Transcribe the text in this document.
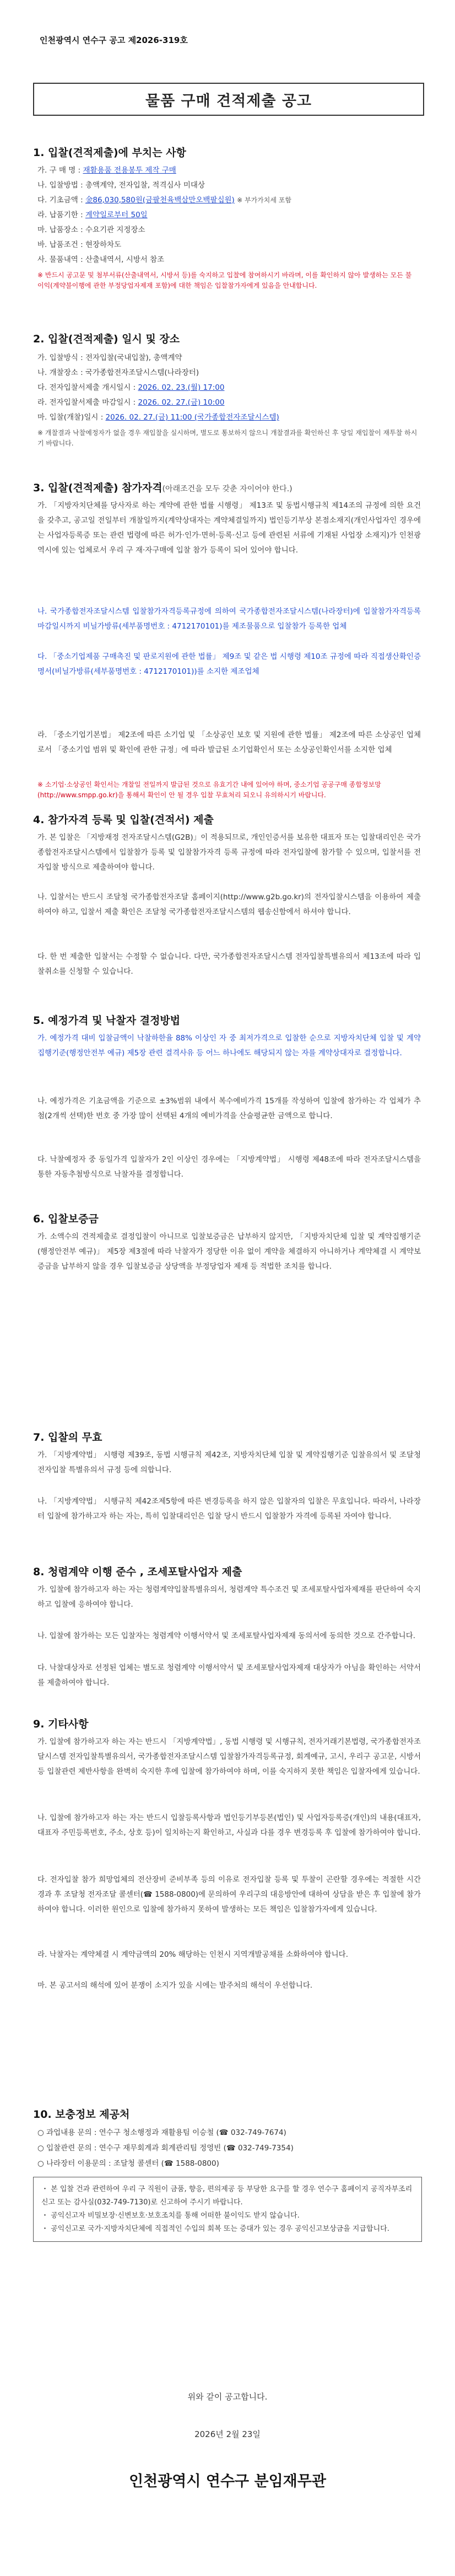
인천광역시 연수구 공고 제2026-319호
물품 구매 견적제출 공고
1. 입찰(견적제출)에 부치는 사항
가. 구 매 명 : 재활용품 전용봉투 제작 구매
나. 입찰방법 : 총액계약, 전자입찰, 적격심사 미대상
다. 기초금액 : 金86,030,580원(금팔천육백삼만오백팔십원) ※ 부가가치세 포함
라. 납품기한 : 계약일로부터 50일
마. 납품장소 : 수요기관 지정장소
바. 납품조건 : 현장하차도
사. 물품내역 : 산출내역서, 시방서 참조
※ 반드시 공고문 및 첨부서류(산출내역서, 시방서 등)를 숙지하고 입찰에 참여하시기 바라며, 이를 확인하지 않아 발생하는 모든 불이익(계약불이행에 관한 부정당업자제재 포함)에 대한 책임은 입찰참가자에게 있음을 안내합니다.
2. 입찰(견적제출) 일시 및 장소
가. 입찰방식 : 전자입찰(국내입찰), 총액계약
나. 개찰장소 : 국가종합전자조달시스템(나라장터)
다. 전자입찰서제출 개시일시 : 2026. 02. 23.(월) 17:00
라. 전자입찰서제출 마감일시 : 2026. 02. 27.(금) 10:00
마. 입찰(개찰)일시 : 2026. 02. 27.(금) 11:00 (국가종합전자조달시스템)
※ 개찰결과 낙찰예정자가 없을 경우 재입찰을 실시하며, 별도로 통보하지 않으니 개찰결과를 확인하신 후 당일 재입찰이 재투찰 하시기 바랍니다.
3. 입찰(견적제출) 참가자격(아래조건을 모두 갖춘 자이어야 한다.)
가. 「지방자치단체를 당사자로 하는 계약에 관한 법률 시행령」 제13조 및 동법시행규칙 제14조의 규정에 의한 요건을 갖추고, 공고일 전일부터 개찰일까지(계약상대자는 계약체결일까지) 법인등기부상 본점소재지(개인사업자인 경우에는 사업자등록증 또는 관련 법령에 따른 허가·인가·면허·등록·신고 등에 관련된 서류에 기재된 사업장 소재지)가 인천광역시에 있는 업체로서 우리 구 재·자구매에 입찰 참가 등록이 되어 있어야 합니다.
나. 국가종합전자조달시스템 입찰참가자격등록규정에 의하여 국가종합전자조달시스템(나라장터)에 입찰참가자격등록 마감일시까지 비닐가방류(세부품명번호 : 4712170101)를 제조물품으로 입찰참가 등록한 업체
다. 「중소기업제품 구매촉진 및 판로지원에 관한 법률」 제9조 및 같은 법 시행령 제10조 규정에 따라 직접생산확인증명서(비닐가방류(세부품명번호 : 4712170101))를 소지한 제조업체
라. 「중소기업기본법」 제2조에 따른 소기업 및 「소상공인 보호 및 지원에 관한 법률」 제2조에 따른 소상공인 업체로서 「중소기업 범위 및 확인에 관한 규정」에 따라 발급된 소기업확인서 또는 소상공인확인서를 소지한 업체
※ 소기업·소상공인 확인서는 개찰일 전일까지 발급된 것으로 유효기간 내에 있어야 하며, 중소기업 공공구매 종합정보망(http://www.smpp.go.kr)을 통해서 확인이 안 될 경우 입찰 무효처리 되오니 유의하시기 바랍니다.
4. 참가자격 등록 및 입찰(견적서) 제출
가. 본 입찰은 「지방재정 전자조달시스템(G2B)」이 적용되므로, 개인인증서를 보유한 대표자 또는 입찰대리인은 국가종합전자조달시스템에서 입찰참가 등록 및 입찰참가자격 등록 규정에 따라 전자입찰에 참가할 수 있으며, 입찰서를 전자입찰 방식으로 제출하여야 합니다.
나. 입찰서는 반드시 조달청 국가종합전자조달 홈페이지(http://www.g2b.go.kr)의 전자입찰시스템을 이용하여 제출하여야 하고, 입찰서 제출 확인은 조달청 국가종합전자조달시스템의 웹송신함에서 하셔야 합니다.
다. 한 번 제출한 입찰서는 수정할 수 없습니다. 다만, 국가종합전자조달시스템 전자입찰특별유의서 제13조에 따라 입찰취소를 신청할 수 있습니다.
5. 예정가격 및 낙찰자 결정방법
가. 예정가격 대비 입찰금액이 낙찰하한율 88% 이상인 자 중 최저가격으로 입찰한 순으로 지방자치단체 입찰 및 계약집행기준(행정안전부 예규) 제5장 관련 결격사유 등 어느 하나에도 해당되지 않는 자를 계약상대자로 결정합니다.
나. 예정가격은 기초금액을 기준으로 ±3%범위 내에서 복수예비가격 15개를 작성하여 입찰에 참가하는 각 업체가 추첨(2개씩 선택)한 번호 중 가장 많이 선택된 4개의 예비가격을 산술평균한 금액으로 합니다.
다. 낙찰예정자 중 동일가격 입찰자가 2인 이상인 경우에는 「지방계약법」 시행령 제48조에 따라 전자조달시스템을 통한 자동추첨방식으로 낙찰자를 결정합니다.
6. 입찰보증금
가. 소액수의 견적제출로 결정입찰이 아니므로 입찰보증금은 납부하지 않지만, 「지방자치단체 입찰 및 계약집행기준(행정안전부 예규)」 제5장 제3절에 따라 낙찰자가 정당한 이유 없이 계약을 체결하지 아니하거나 계약체결 시 계약보증금을 납부하지 않을 경우 입찰보증금 상당액을 부정당업자 제재 등 적법한 조치를 합니다.
7. 입찰의 무효
가. 「지방계약법」 시행령 제39조, 동법 시행규칙 제42조, 지방자치단체 입찰 및 계약집행기준 입찰유의서 및 조달청 전자입찰 특별유의서 규정 등에 의합니다.
나. 「지방계약법」 시행규칙 제42조제5항에 따른 변경등록을 하지 않은 입찰자의 입찰은 무효입니다. 따라서, 나라장터 입찰에 참가하고자 하는 자는, 특히 입찰대리인은 입찰 당시 반드시 입찰참가 자격에 등록된 자여야 합니다.
8. 청렴계약 이행 준수 , 조세포탈사업자 제출
가. 입찰에 참가하고자 하는 자는 청렴계약입찰특별유의서, 청렴계약 특수조건 및 조세포탈사업자제재를 판단하여 숙지하고 입찰에 응하여야 합니다.
나. 입찰에 참가하는 모든 입찰자는 청렴계약 이행서약서 및 조세포탈사업자제재 동의서에 동의한 것으로 간주합니다.
다. 낙찰대상자로 선정된 업체는 별도로 청렴계약 이행서약서 및 조세포탈사업자제재 대상자가 아님을 확인하는 서약서를 제출하여야 합니다.
9. 기타사항
가. 입찰에 참가하고자 하는 자는 반드시 「지방계약법」, 동법 시행령 및 시행규칙, 전자거래기본법령, 국가종합전자조달시스템 전자입찰특별유의서, 국가종합전자조달시스템 입찰참가자격등록규정, 회계예규, 고시, 우리구 공고문, 시방서 등 입찰관련 제반사항을 완벽히 숙지한 후에 입찰에 참가하여야 하며, 이를 숙지하지 못한 책임은 입찰자에게 있습니다.
나. 입찰에 참가하고자 하는 자는 반드시 입찰등록사항과 법인등기부등본(법인) 및 사업자등록증(개인)의 내용(대표자, 대표자 주민등록번호, 주소, 상호 등)이 일치하는지 확인하고, 사실과 다를 경우 변경등록 후 입찰에 참가하여야 합니다.
다. 전자입찰 참가 희망업체의 전산장비 준비부족 등의 이유로 전자입찰 등록 및 투찰이 곤란할 경우에는 적절한 시간 경과 후 조달청 전자조달 콜센터(☎ 1588-0800)에 문의하여 우리구의 대응방안에 대하여 상담을 받은 후 입찰에 참가하여야 합니다. 이러한 원인으로 입찰에 참가하지 못하여 발생하는 모든 책임은 입찰참가자에게 있습니다.
라. 낙찰자는 계약체결 시 계약금액의 20% 해당하는 인천시 지역개발공채를 소화하여야 합니다.
마. 본 공고서의 해석에 있어 분쟁이 소지가 있을 시에는 발주처의 해석이 우선합니다.
10. 보충정보 제공처
○ 과업내용 문의 : 연수구 청소행정과 재활용팀 이승철 (☎ 032-749-7674)
○ 입찰관련 문의 : 연수구 재무회계과 회계관리팀 정영빈 (☎ 032-749-7354)
○ 나라장터 이용문의 : 조달청 콜센터 (☎ 1588-0800)
・ 본 입찰 건과 관련하여 우리 구 직원이 금품, 향응, 편의제공 등 부당한 요구를 할 경우 연수구 홈페이지 공직자부조리신고 또는 감사실(032-749-7130)로 신고하여 주시기 바랍니다.
・ 공익신고자 비밀보장·신변보호·보호조치를 통해 어떠한 불이익도 받지 않습니다.
・ 공익신고로 국가·지방자치단체에 직접적인 수입의 회복 또는 증대가 있는 경우 공익신고보상금을 지급합니다.
위와 같이 공고합니다.
2026년 2월 23일
인천광역시 연수구 분임재무관
